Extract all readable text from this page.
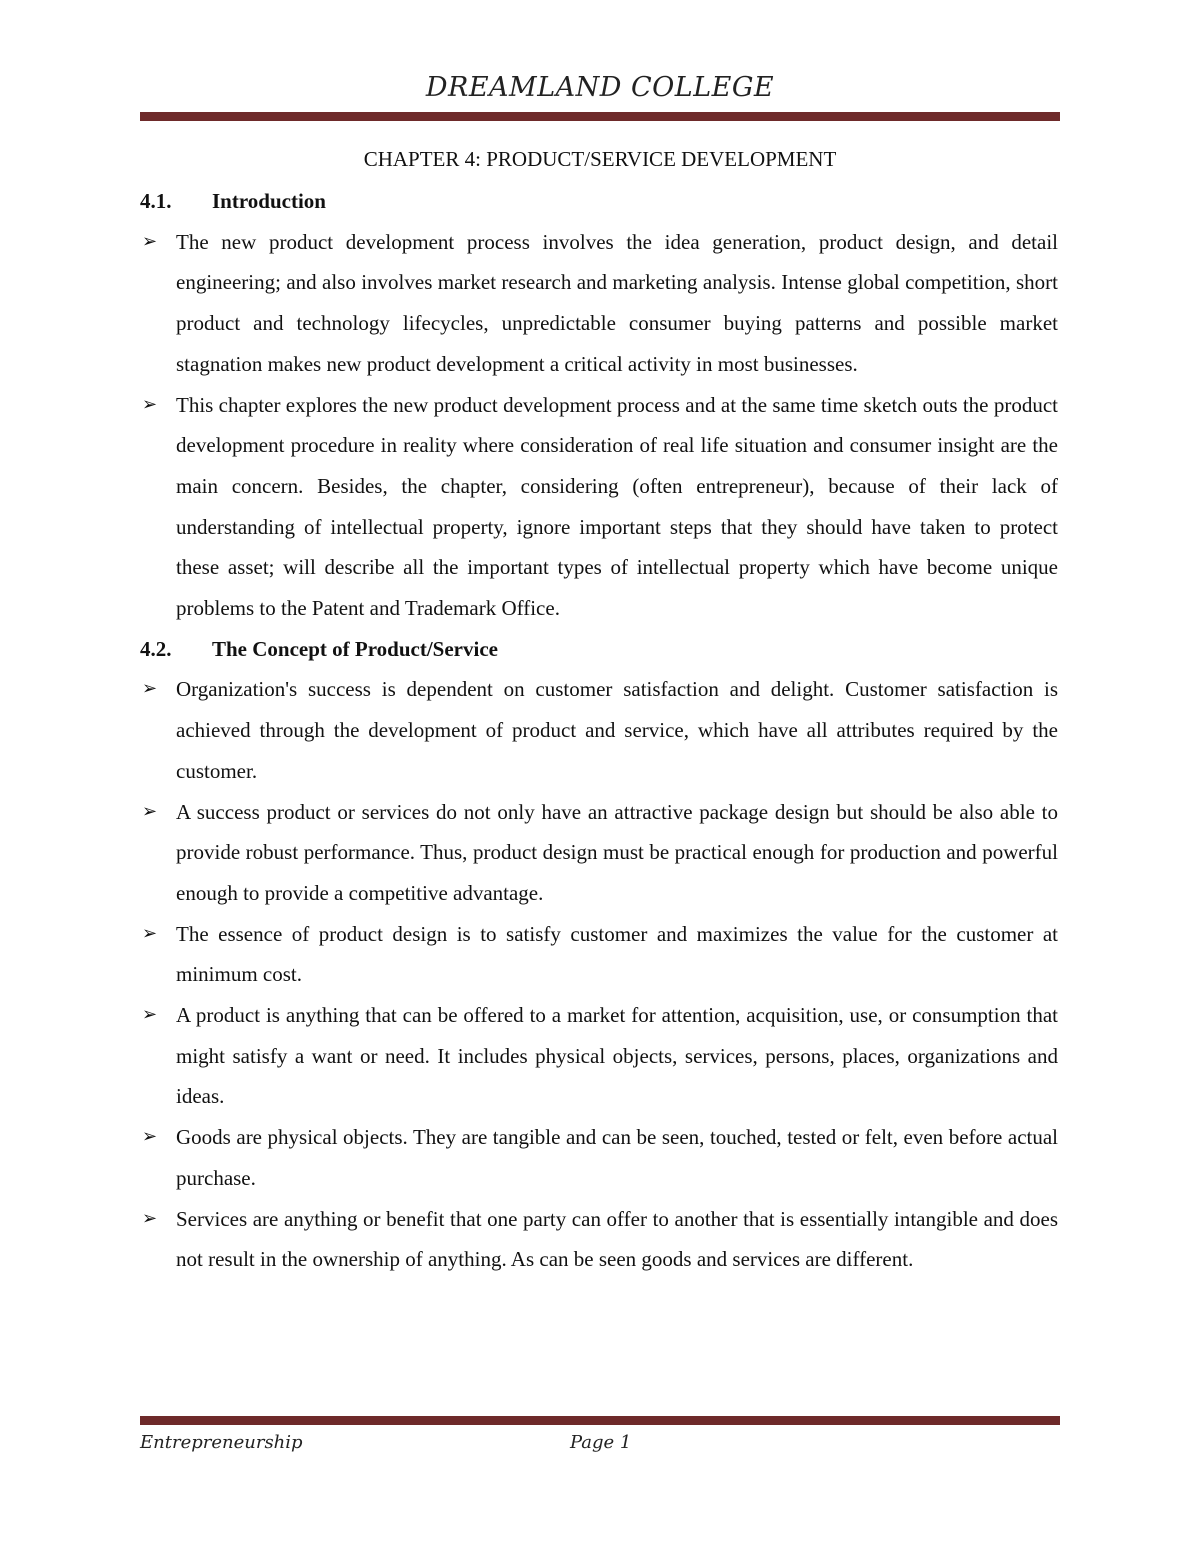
DREAMLAND COLLEGE
CHAPTER 4: PRODUCT/SERVICE DEVELOPMENT
4.1.	Introduction
➢ The new product development process involves the idea generation, product design, and detail engineering; and also involves market research and marketing analysis. Intense global competition, short product and technology lifecycles, unpredictable consumer buying patterns and possible market stagnation makes new product development a critical activity in most businesses.
➢ This chapter explores the new product development process and at the same time sketch outs the product development procedure in reality where consideration of real life situation and consumer insight are the main concern. Besides, the chapter, considering (often entrepreneur), because of their lack of understanding of intellectual property, ignore important steps that they should have taken to protect these asset; will describe all the important types of intellectual property which have become unique problems to the Patent and Trademark Office.
4.2.	The Concept of Product/Service
➢ Organization's success is dependent on customer satisfaction and delight. Customer satisfaction is achieved through the development of product and service, which have all attributes required by the customer.
➢ A success product or services do not only have an attractive package design but should be also able to provide robust performance. Thus, product design must be practical enough for production and powerful enough to provide a competitive advantage.
➢ The essence of product design is to satisfy customer and maximizes the value for the customer at minimum cost.
➢ A product is anything that can be offered to a market for attention, acquisition, use, or consumption that might satisfy a want or need. It includes physical objects, services, persons, places, organizations and ideas.
➢ Goods are physical objects. They are tangible and can be seen, touched, tested or felt, even before actual purchase.
➢ Services are anything or benefit that one party can offer to another that is essentially intangible and does not result in the ownership of anything. As can be seen goods and services are different.
Entrepreneurship	Page 1
